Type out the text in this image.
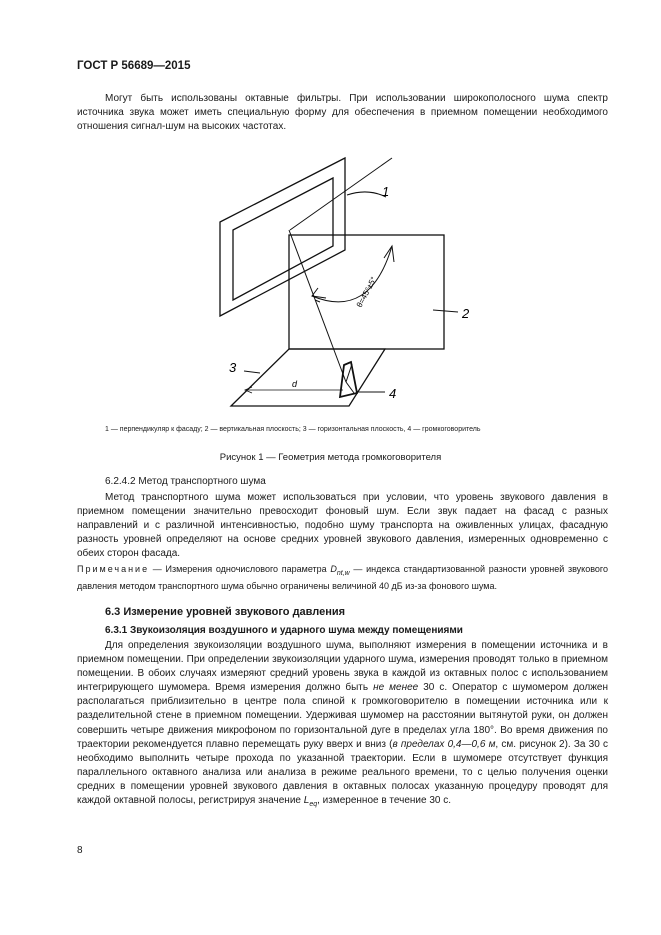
ГОСТ Р 56689—2015
Могут быть использованы октавные фильтры. При использовании широкополосного шума спектр источника звука может иметь специальную форму для обеспечения в приемном помещении необходимого отношения сигнал-шум на высоких частотах.
1
2
3
4
d
θ=45°±5°
1 — перпендикуляр к фасаду; 2 — вертикальная плоскость; 3 — горизонтальная плоскость, 4 — громкоговоритель
Рисунок 1 — Геометрия метода громкоговорителя
6.2.4.2 Метод транспортного шума
Метод транспортного шума может использоваться при условии, что уровень звукового давления в приемном помещении значительно превосходит фоновый шум. Если звук падает на фасад с разных направлений и с различной интенсивностью, подобно шуму транспорта на оживленных улицах, фасадную разность уровней определяют на основе средних уровней звукового давления, измеренных одновременно с обеих сторон фасада.
Примечание — Измерения одночислового параметра $D_{nt,w}$ — индекса стандартизованной разности уровней звукового давления методом транспортного шума обычно ограничены величиной 40 дБ из-за фонового шума.
6.3 Измерение уровней звукового давления
6.3.1 Звукоизоляция воздушного и ударного шума между помещениями
Для определения звукоизоляции воздушного шума, выполняют измерения в помещении источника и в приемном помещении. При определении звукоизоляции ударного шума, измерения проводят только в приемном помещении. В обоих случаях измеряют средний уровень звука в каждой из октавных полос с использованием интегрирующего шумомера. Время измерения должно быть не менее 30 с. Оператор с шумомером должен располагаться приблизительно в центре пола спиной к громкоговорителю в помещении источника или к разделительной стене в приемном помещении. Удерживая шумомер на расстоянии вытянутой руки, он должен совершить четыре движения микрофоном по горизонтальной дуге в пределах угла 180°. Во время движения по траектории рекомендуется плавно перемещать руку вверх и вниз (в пределах 0,4—0,6 м, см. рисунок 2). За 30 с необходимо выполнить четыре прохода по указанной траектории. Если в шумомере отсутствует функция параллельного октавного анализа или анализа в режиме реального времени, то с целью получения оценки средних в помещении уровней звукового давления в октавных полосах указанную процедуру проводят для каждой октавной полосы, регистрируя значение $L_{eq}$, измеренное в течение 30 с.
8
